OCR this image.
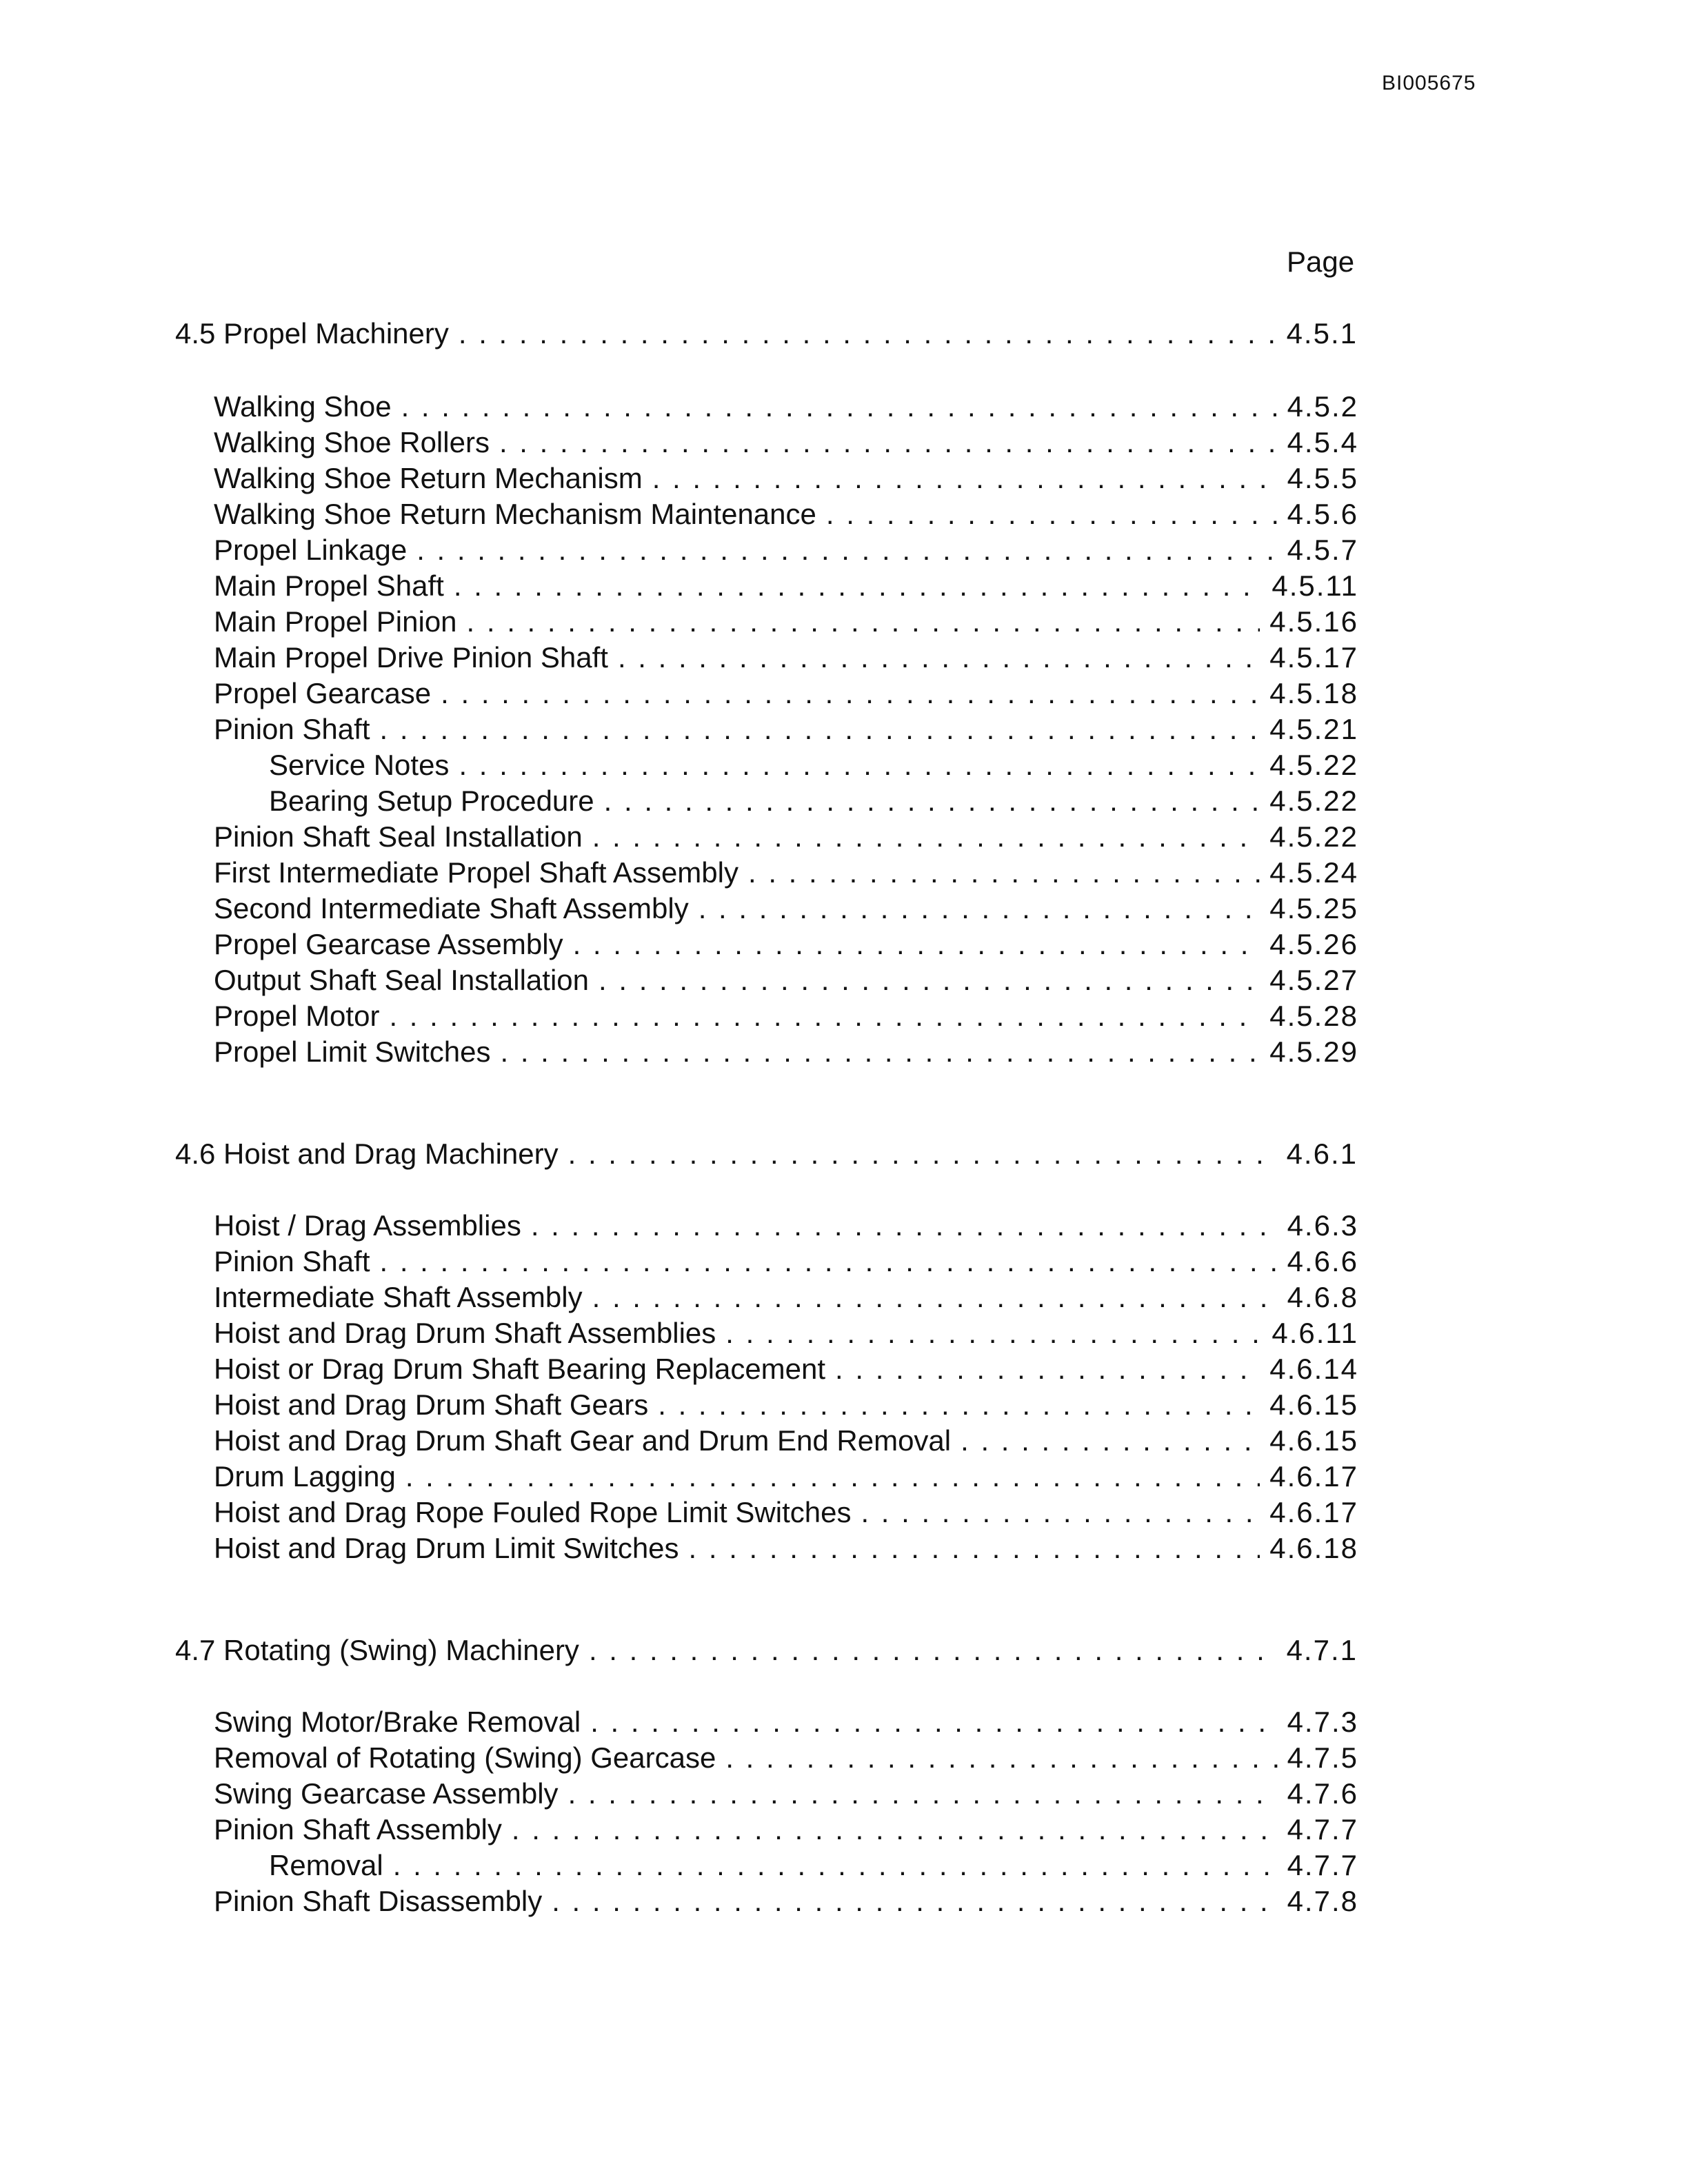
BI005675
Page
4.5 Propel Machinery . . .	4.5.1
Walking Shoe . . .	4.5.2
Walking Shoe Rollers . . .	4.5.4
Walking Shoe Return Mechanism . . .	4.5.5
Walking Shoe Return Mechanism Maintenance . . .	4.5.6
Propel Linkage . . .	4.5.7
Main Propel Shaft . . .	4.5.11
Main Propel Pinion . . .	4.5.16
Main Propel Drive Pinion Shaft . . .	4.5.17
Propel Gearcase . . .	4.5.18
Pinion Shaft . . .	4.5.21
Service Notes . . .	4.5.22
Bearing Setup Procedure . . .	4.5.22
Pinion Shaft Seal Installation . . .	4.5.22
First Intermediate Propel Shaft Assembly . . .	4.5.24
Second Intermediate Shaft Assembly . . .	4.5.25
Propel Gearcase Assembly . . .	4.5.26
Output Shaft Seal Installation . . .	4.5.27
Propel Motor . . .	4.5.28
Propel Limit Switches . . .	4.5.29
4.6 Hoist and Drag Machinery . . .	4.6.1
Hoist / Drag Assemblies . . .	4.6.3
Pinion Shaft . . .	4.6.6
Intermediate Shaft Assembly . . .	4.6.8
Hoist and Drag Drum Shaft Assemblies . . .	4.6.11
Hoist or Drag Drum Shaft Bearing Replacement . . .	4.6.14
Hoist and Drag Drum Shaft Gears . . .	4.6.15
Hoist and Drag Drum Shaft Gear and Drum End Removal . . .	4.6.15
Drum Lagging . . .	4.6.17
Hoist and Drag Rope Fouled Rope Limit Switches . . .	4.6.17
Hoist and Drag Drum Limit Switches . . .	4.6.18
4.7 Rotating (Swing) Machinery . . .	4.7.1
Swing Motor/Brake Removal . . .	4.7.3
Removal of Rotating (Swing) Gearcase . . .	4.7.5
Swing Gearcase Assembly . . .	4.7.6
Pinion Shaft Assembly . . .	4.7.7
Removal . . .	4.7.7
Pinion Shaft Disassembly . . .	4.7.8
